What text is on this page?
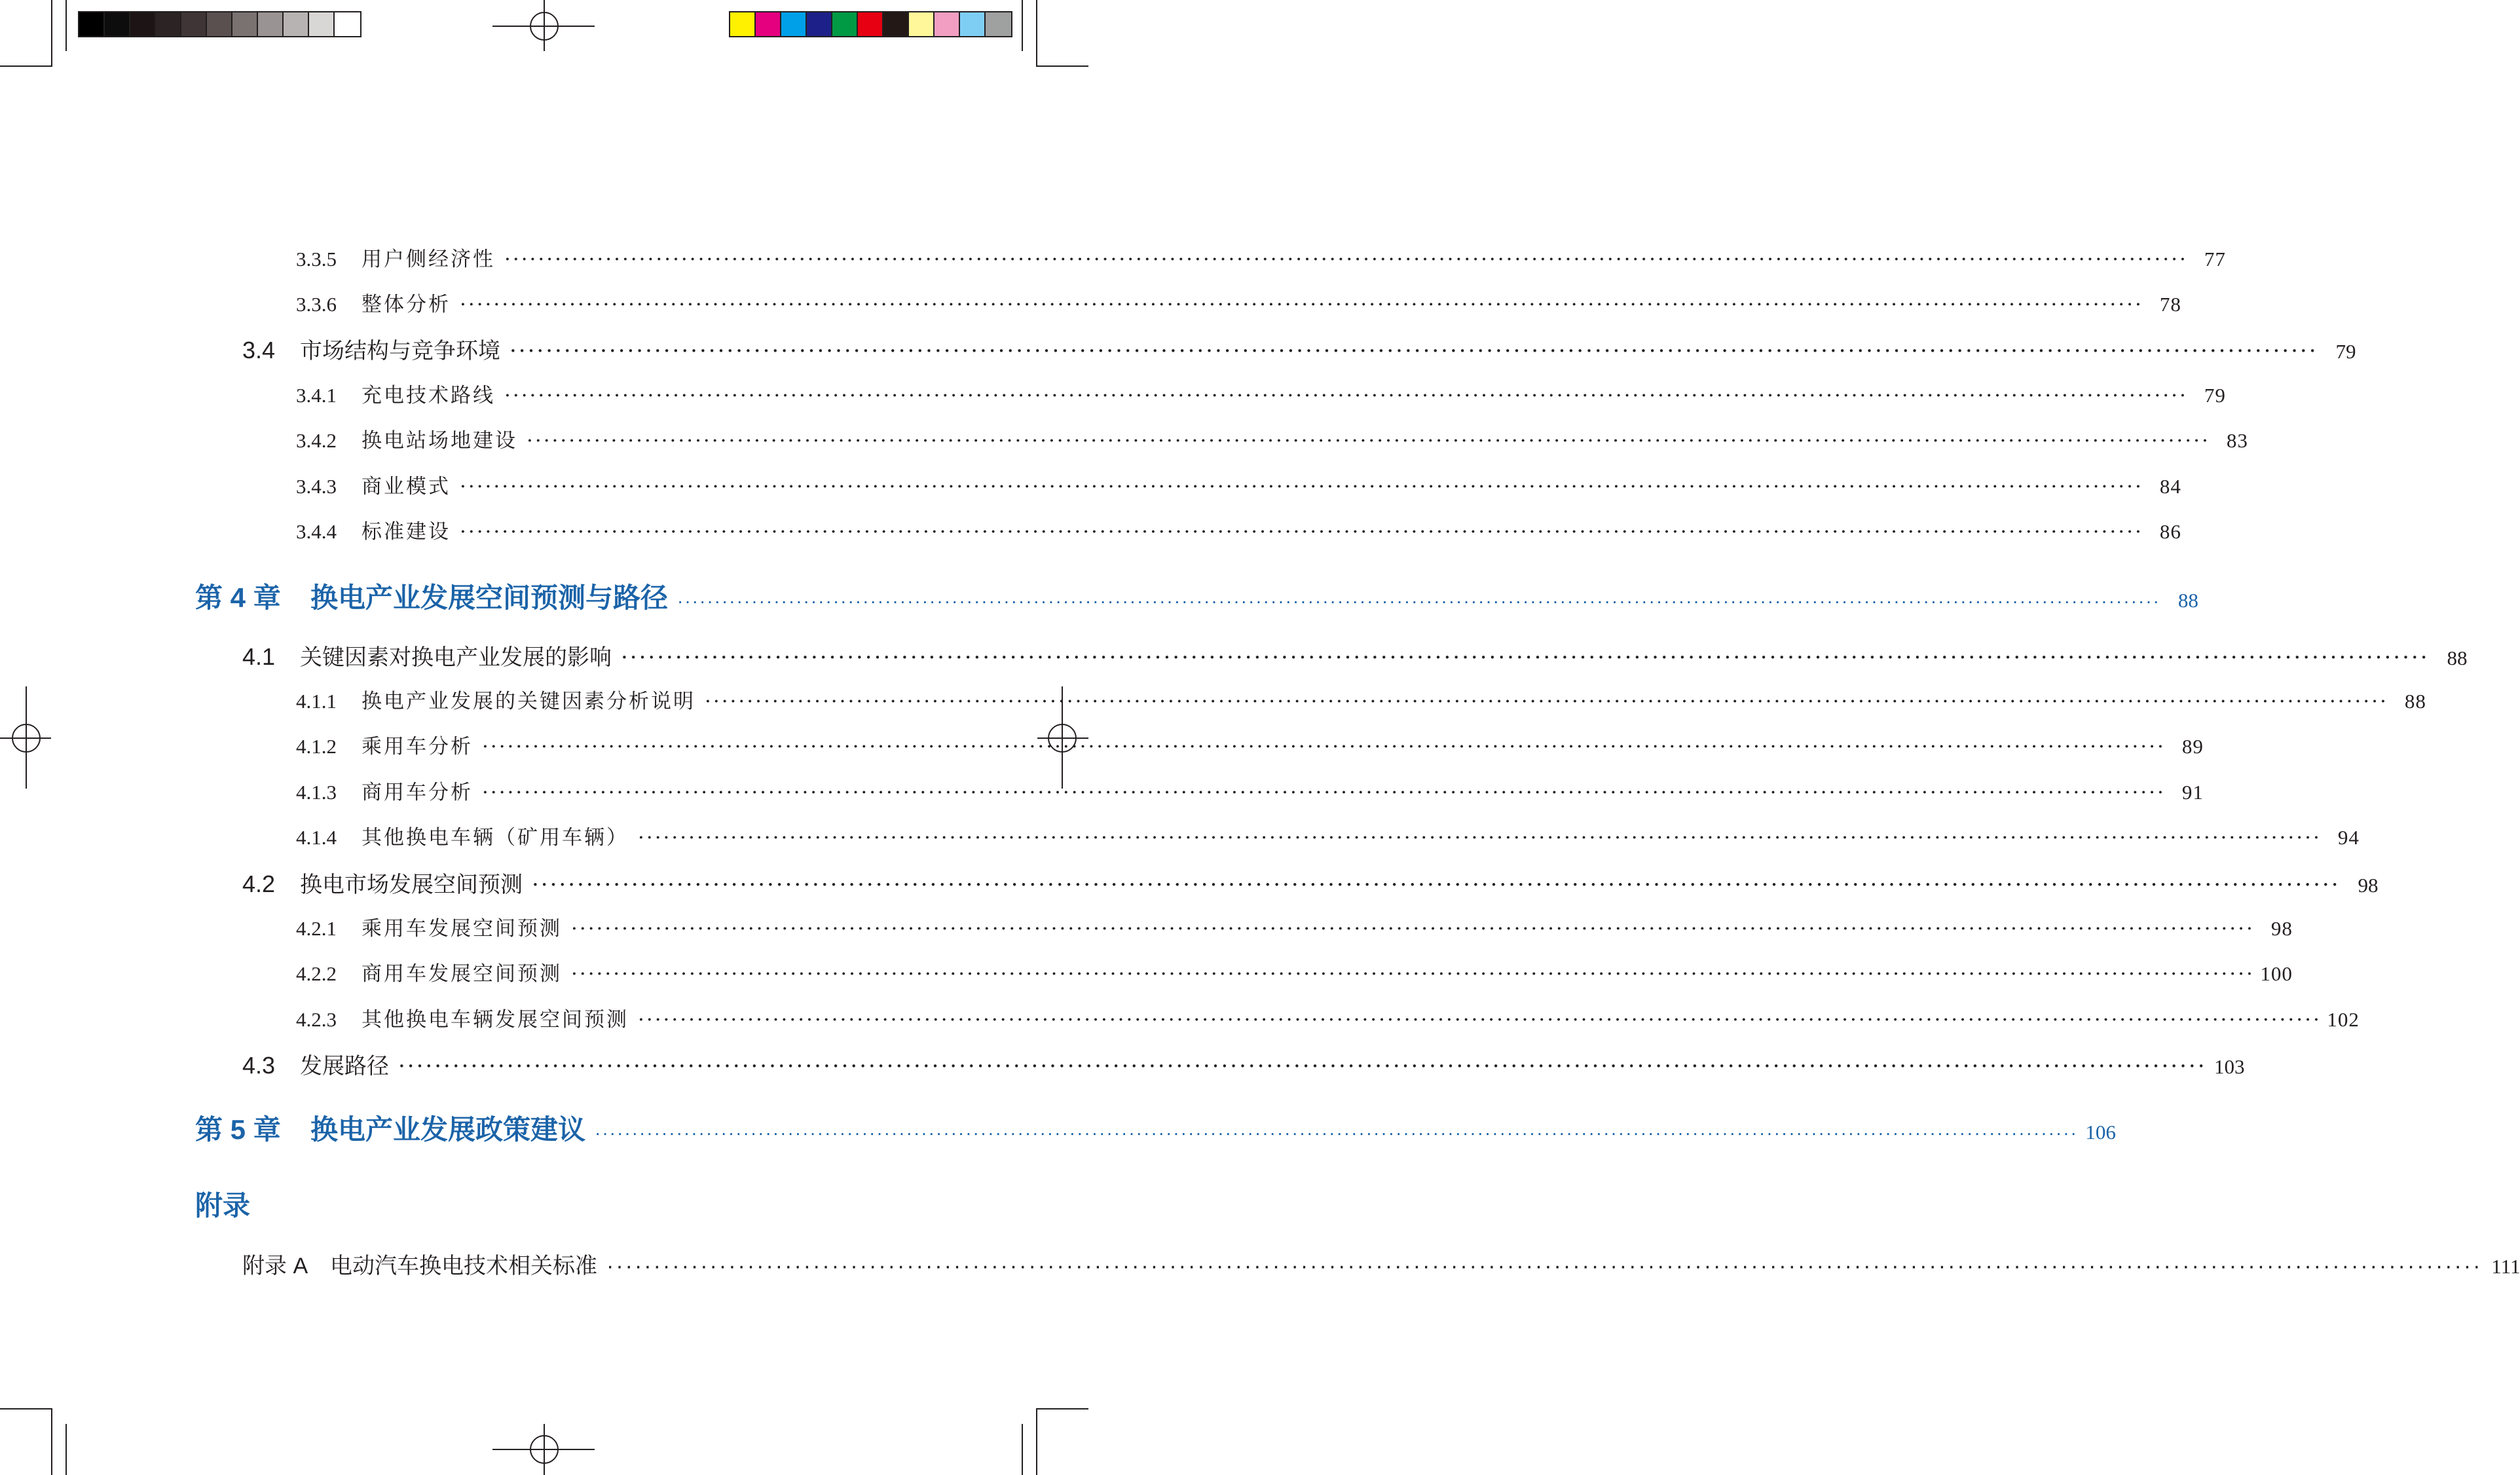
附录
3.3.5	用户侧经济性 ········································································································································································································ 77
3.3.6	整体分析 ········································································································································································································ 78
3.4	市场结构与竞争环境 ········································································································································································································ 79
3.4.1	充电技术路线 ········································································································································································································ 79
3.4.2	换电站场地建设 ········································································································································································································ 83
3.4.3	商业模式 ········································································································································································································ 84
3.4.4	标准建设 ········································································································································································································ 86
第 4 章	换电产业发展空间预测与路径 ········································································································································································································ 88
4.1	关键因素对换电产业发展的影响 ········································································································································································································ 88
4.1.1	换电产业发展的关键因素分析说明 ········································································································································································································ 88
4.1.2	乘用车分析 ········································································································································································································ 89
4.1.3	商用车分析 ········································································································································································································ 91
4.1.4	其他换电车辆（矿用车辆） ········································································································································································································ 94
4.2	换电市场发展空间预测 ········································································································································································································ 98
4.2.1	乘用车发展空间预测 ········································································································································································································ 98
4.2.2	商用车发展空间预测 ········································································································································································································ 100
4.2.3	其他换电车辆发展空间预测 ········································································································································································································ 102
4.3	发展路径 ········································································································································································································ 103
第 5 章	换电产业发展政策建议 ········································································································································································································ 106
附录 A 电动汽车换电技术相关标准 ········································································································································································································ 111
